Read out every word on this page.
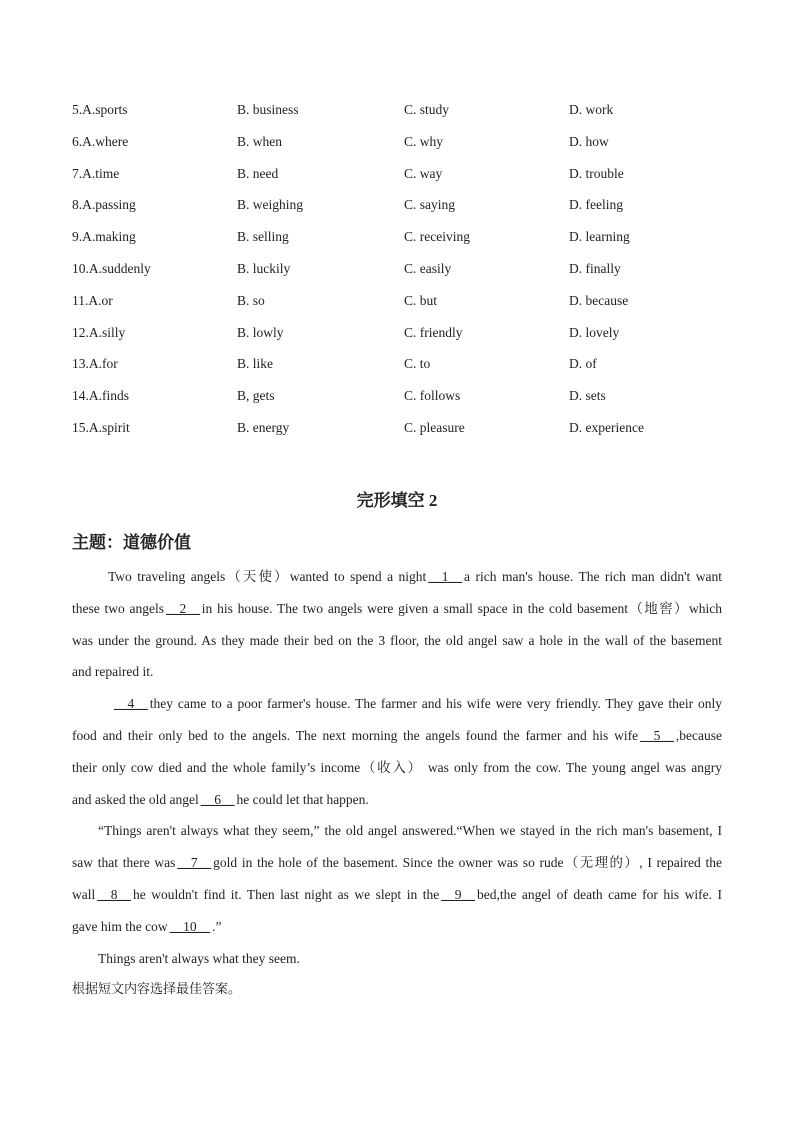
5.A.sports	B. business	C. study	D. work
6.A.where	B. when	C. why	D. how
7.A.time	B. need	C. way	D. trouble
8.A.passing	B. weighing	C. saying	D. feeling
9.A.making	B. selling	C. receiving	D. learning
10.A.suddenly	B. luckily	C. easily	D. finally
11.A.or	B. so	C. but	D. because
12.A.silly	B. lowly	C. friendly	D. lovely
13.A.for	B. like	C. to	D. of
14.A.finds	B, gets	C. follows	D. sets
15.A.spirit	B. energy	C. pleasure	D. experience
完形填空 2
主题：道德价值
Two traveling angels（天使）wanted to spend a night __1__ a rich man's house. The rich man didn't want
these two angels __2__ in his house. The two angels were given a small space in the cold basement（地窖）which
was under the ground. As they made their bed on the 3 floor, the old angel saw a hole in the wall of the basement
and repaired it.
__4__ they came to a poor farmer's house. The farmer and his wife were very friendly. They gave their only
food and their only bed to the angels. The next morning the angels found the farmer and his wife __5__ ,because
their only cow died and the whole family’s income（收入） was only from the cow. The young angel was angry
and asked the old angel __6__ he could let that happen.
“Things aren't always what they seem,” the old angel answered.“When we stayed in the rich man's basement, I
saw that there was __7__ gold in the hole of the basement. Since the owner was so rude（无理的）, I repaired the
wall __8__ he wouldn't find it. Then last night as we slept in the __9__ bed,the angel of death came for his wife. I
gave him the cow __10__ .”
Things aren't always what they seem.
根据短文内容选择最佳答案。
